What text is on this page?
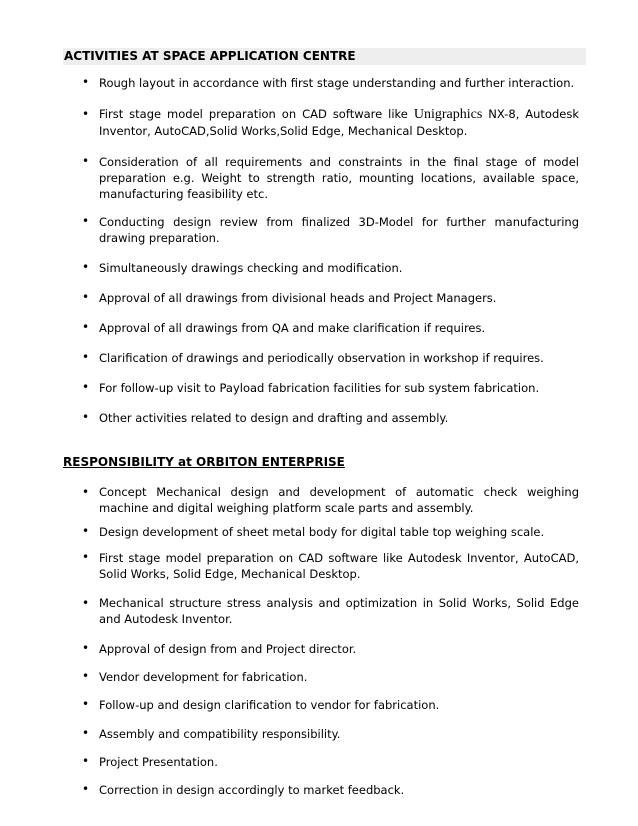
ACTIVITIES AT SPACE APPLICATION CENTRE
• Rough layout in accordance with first stage understanding and further interaction.
• First stage model preparation on CAD software like Unigraphics NX-8, Autodesk Inventor, AutoCAD,Solid Works,Solid Edge, Mechanical Desktop.
• Consideration of all requirements and constraints in the final stage of model preparation e.g. Weight to strength ratio, mounting locations, available space, manufacturing feasibility etc.
• Conducting design review from finalized 3D-Model for further manufacturing drawing preparation.
• Simultaneously drawings checking and modification.
• Approval of all drawings from divisional heads and Project Managers.
• Approval of all drawings from QA and make clarification if requires.
• Clarification of drawings and periodically observation in workshop if requires.
• For follow-up visit to Payload fabrication facilities for sub system fabrication.
• Other activities related to design and drafting and assembly.
RESPONSIBILITY at ORBITON ENTERPRISE
• Concept Mechanical design and development of automatic check weighing machine and digital weighing platform scale parts and assembly.
• Design development of sheet metal body for digital table top weighing scale.
• First stage model preparation on CAD software like Autodesk Inventor, AutoCAD, Solid Works, Solid Edge, Mechanical Desktop.
• Mechanical structure stress analysis and optimization in Solid Works, Solid Edge and Autodesk Inventor.
• Approval of design from and Project director.
• Vendor development for fabrication.
• Follow-up and design clarification to vendor for fabrication.
• Assembly and compatibility responsibility.
• Project Presentation.
• Correction in design accordingly to market feedback.
